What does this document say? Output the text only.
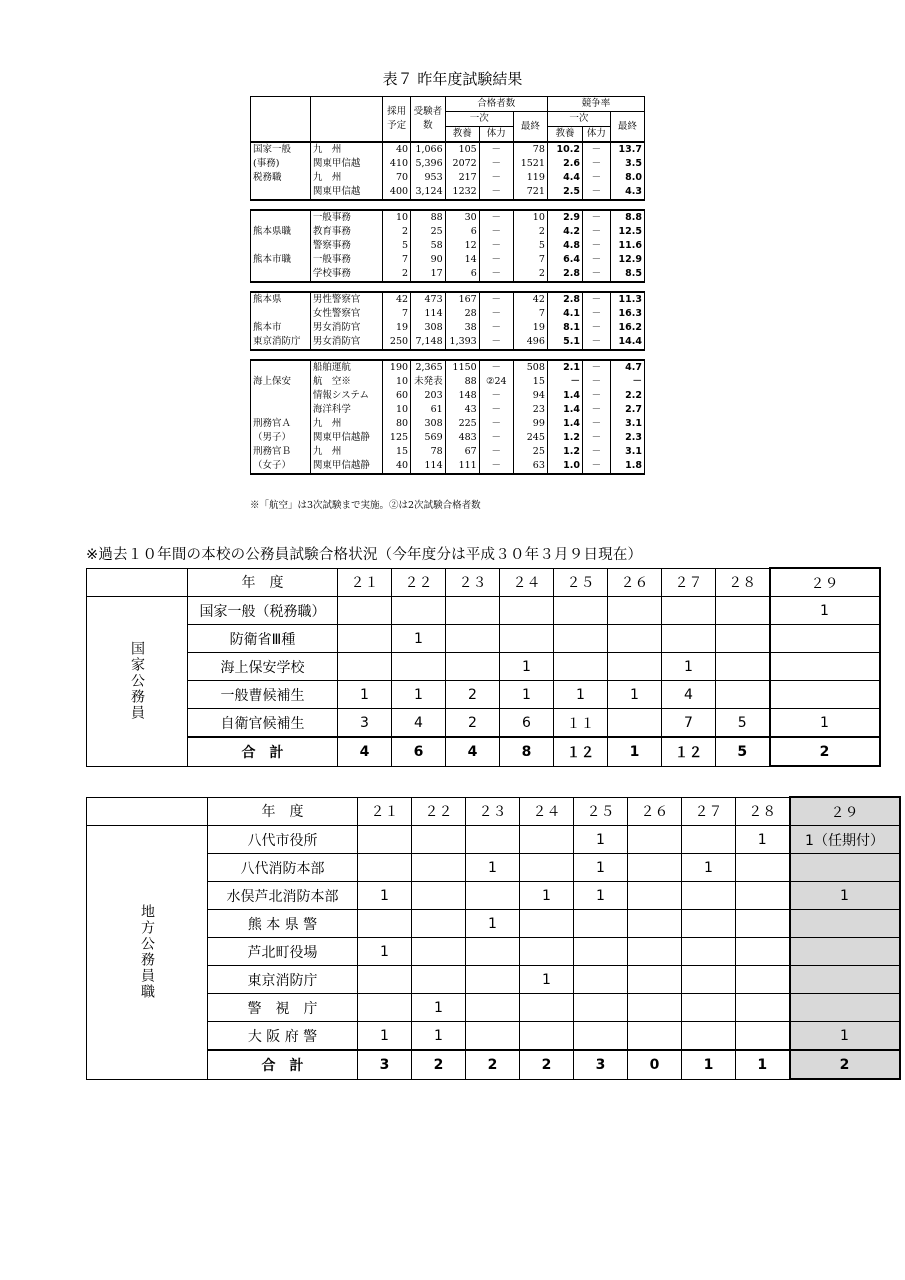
表７ 昨年度試験結果
		採用予定	受験者数	合格者数			競争率		
				一次		最終	一次		最終
				教養	体力		教養	体力	
国家一般	九　州	40	1,066	105	－	78	10.2	－	13.7
(事務)	関東甲信越	410	5,396	2072	－	1521	2.6	－	3.5
税務職	九　州	70	953	217	－	119	4.4	－	8.0
	関東甲信越	400	3,124	1232	－	721	2.5	－	4.3

	一般事務	10	88	30	－	10	2.9	－	8.8
熊本県職	教育事務	2	25	6	－	2	4.2	－	12.5
	警察事務	5	58	12	－	5	4.8	－	11.6
熊本市職	一般事務	7	90	14	－	7	6.4	－	12.9
	学校事務	2	17	6	－	2	2.8	－	8.5

熊本県	男性警察官	42	473	167	－	42	2.8	－	11.3
	女性警察官	7	114	28	－	7	4.1	－	16.3
熊本市	男女消防官	19	308	38	－	19	8.1	－	16.2
東京消防庁	男女消防官	250	7,148	1,393	－	496	5.1	－	14.4

	船舶運航	190	2,365	1150	－	508	2.1	－	4.7
海上保安	航　空※	10	未発表	88	②24	15	－	－	－
	情報システム	60	203	148	－	94	1.4	－	2.2
	海洋科学	10	61	43	－	23	1.4	－	2.7
刑務官Ａ	九　州	80	308	225	－	99	1.4	－	3.1
（男子）	関東甲信越静	125	569	483	－	245	1.2	－	2.3
刑務官Ｂ	九　州	15	78	67	－	25	1.2	－	3.1
（女子）	関東甲信越静	40	114	111	－	63	1.0	－	1.8
※「航空」は3次試験まで実施。②は2次試験合格者数
※過去１０年間の本校の公務員試験合格状況（今年度分は平成３０年３月９日現在）
	年　度	２１	２２	２３	２４	２５	２６	２７	２８	２９
国家公務員	国家一般（税務職）									1
	防衛省Ⅲ種		1							
	海上保安学校				1			1		
	一般曹候補生	1	1	2	1	1	1	4		
	自衛官候補生	3	4	2	6	１１		7	5	1
	合　計	4	6	4	8	１２	1	１２	5	2
	年　度	２１	２２	２３	２４	２５	２６	２７	２８	２９
地方公務員職	八代市役所					1			1	1（任期付）
	八代消防本部			1		1		1		
	水俣芦北消防本部	1			1	1				1
	熊 本 県 警			1						
	芦北町役場	1								
	東京消防庁				1					
	警　視　庁		1							
	大 阪 府 警	1	1							1
	合　計	3	2	2	2	3	0	1	1	2
